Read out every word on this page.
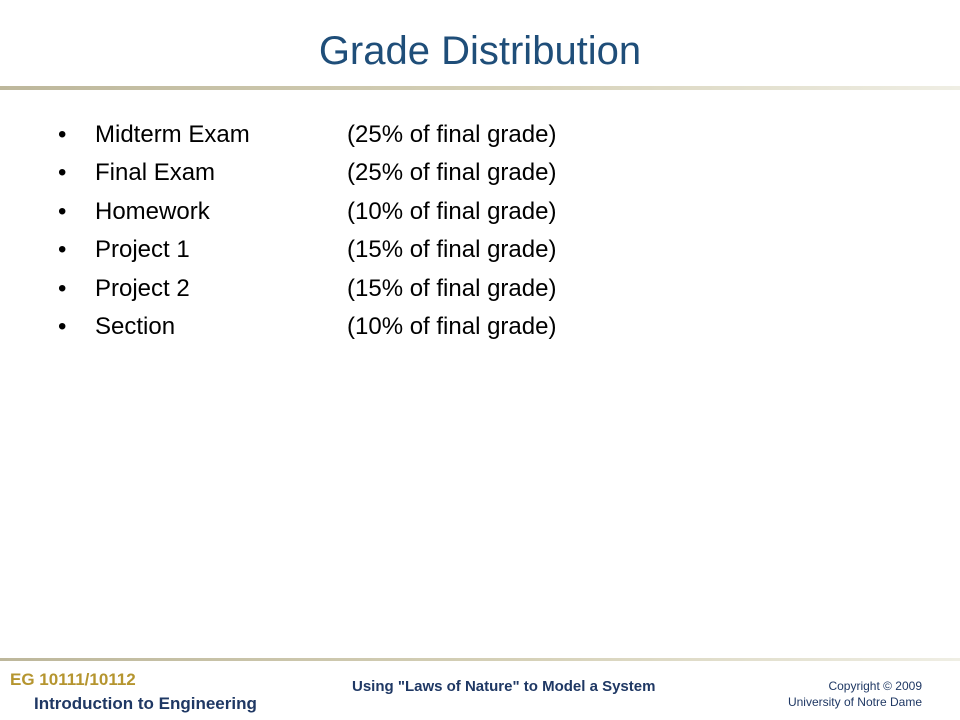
Grade Distribution
• Midterm Exam	(25% of final grade)
• Final Exam	(25% of final grade)
• Homework	(10% of final grade)
• Project 1	(15% of final grade)
• Project 2	(15% of final grade)
• Section	(10% of final grade)
EG 10111/10112
Introduction to Engineering
Using "Laws of Nature" to Model a System	Copyright © 2009
University of Notre Dame
